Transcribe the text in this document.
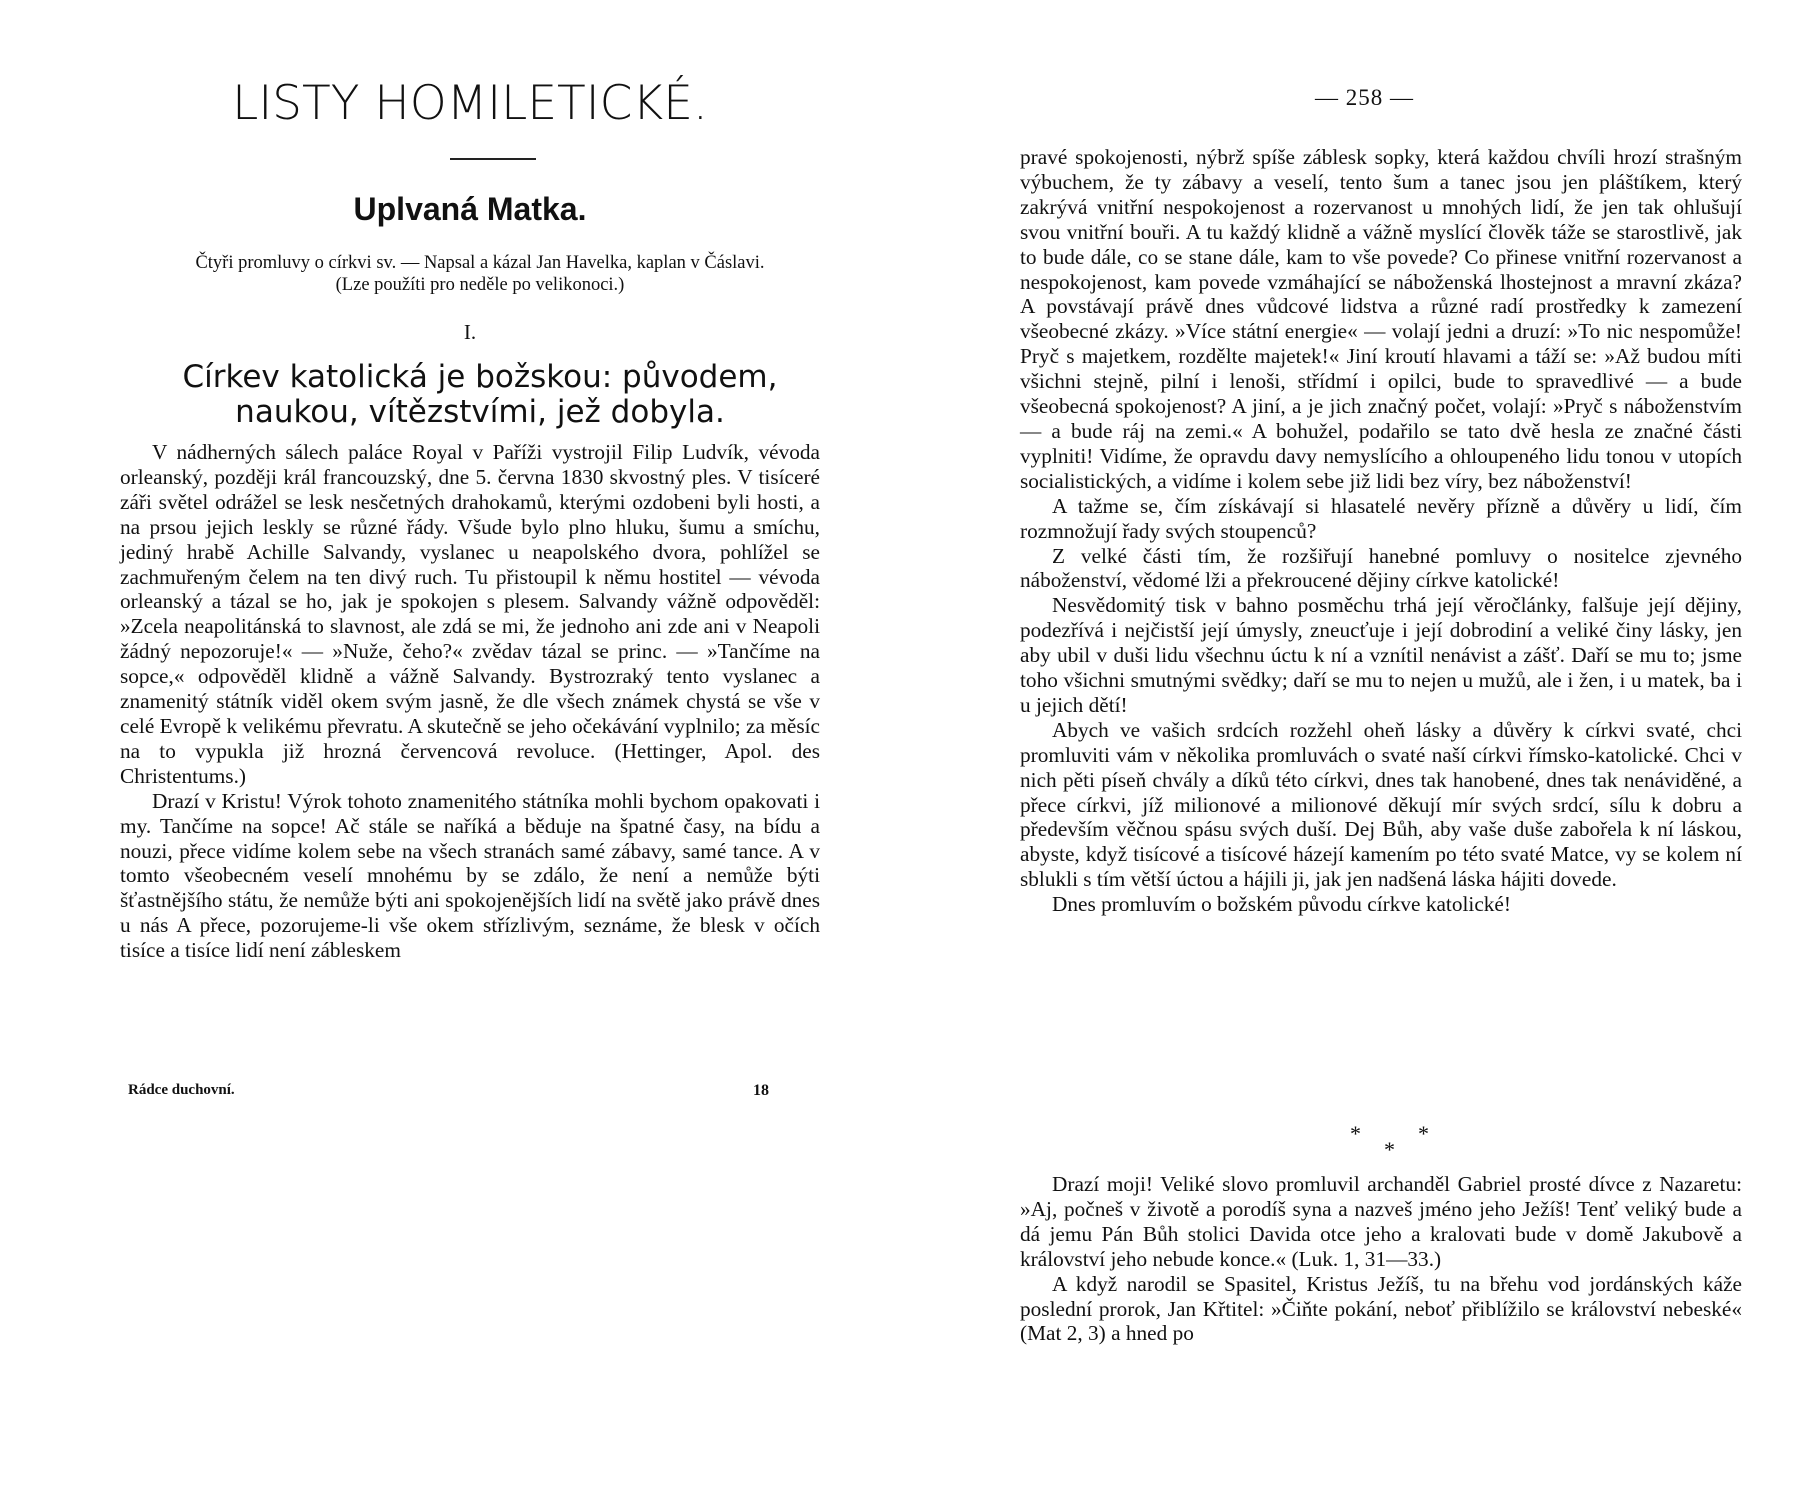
LISTY HOMILETICKÉ.
Uplvaná Matka.

Čtyři promluvy o církvi sv. — Napsal a kázal Jan Havelka, kaplan v Čáslavi.

(Lze použíti pro neděle po velikonoci.)

I.

Církev katolická je božskou: původem,

naukou, vítězstvími, jež dobyla.

V nádherných sálech paláce Royal v Paříži vystrojil Filip Ludvík, vévoda orleanský, později král francouzský, dne 5. června 1830 skvostný ples. V tisíceré záři světel odrážel se lesk nesčetných drahokamů, kterými ozdobeni byli hosti, a na prsou jejich leskly se různé řády. Všude bylo plno hluku, šumu a smíchu, jediný hrabě Achille Salvandy, vyslanec u neapolského dvora, pohlížel se zachmuřeným čelem na ten divý ruch. Tu přistoupil k němu hostitel — vévoda orleanský a tázal se ho, jak je spokojen s plesem. Salvandy vážně odpověděl: »Zcela neapolitánská to slavnost, ale zdá se mi, že jednoho ani zde ani v Neapoli žádný nepozoruje!« — »Nuže, čeho?« zvědav tázal se princ. — »Tančíme na sopce,« odpověděl klidně a vážně Salvandy. Bystrozraký tento vyslanec a znamenitý státník viděl okem svým jasně, že dle všech známek chystá se vše v celé Evropě k velikému převratu. A skutečně se jeho očekávání vyplnilo; za měsíc na to vypukla již hrozná červencová revoluce. (Hettinger, Apol. des Christentums.)

Drazí v Kristu! Výrok tohoto znamenitého státníka mohli bychom opakovati i my. Tančíme na sopce! Ač stále se naříká a běduje na špatné časy, na bídu a nouzi, přece vidíme kolem sebe na všech stranách samé zábavy, samé tance. A v tomto všeobecném veselí mnohému by se zdálo, že není a nemůže býti šťastnějšího státu, že nemůže býti ani spokojenějších lidí na světě jako právě dnes u nás A přece, pozorujeme-li vše okem střízlivým, seznáme, že blesk v očích tisíce a tisíce lidí není zábleskem

Rádce duchovní.	18
— 258 —

pravé spokojenosti, nýbrž spíše záblesk sopky, která každou chvíli hrozí strašným výbuchem, že ty zábavy a veselí, tento šum a tanec jsou jen pláštíkem, který zakrývá vnitřní nespokojenost a rozervanost u mnohých lidí, že jen tak ohlušují svou vnitřní bouři. A tu každý klidně a vážně myslící člověk táže se starostlivě, jak to bude dále, co se stane dále, kam to vše povede? Co přinese vnitřní rozervanost a nespokojenost, kam povede vzmáhající se náboženská lhostejnost a mravní zkáza? A povstávají právě dnes vůdcové lidstva a různé radí prostředky k zamezení všeobecné zkázy. »Více státní energie« — volají jedni a druzí: »To nic nespomůže! Pryč s majetkem, rozdělte majetek!« Jiní kroutí hlavami a táží se: »Až budou míti všichni stejně, pilní i lenoši, střídmí i opilci, bude to spravedlivé — a bude všeobecná spokojenost? A jiní, a je jich značný počet, volají: »Pryč s náboženstvím — a bude ráj na zemi.« A bohužel, podařilo se tato dvě hesla ze značné části vyplniti! Vidíme, že opravdu davy nemyslícího a ohloupeného lidu tonou v utopích socialistických, a vidíme i kolem sebe již lidi bez víry, bez náboženství!

A tažme se, čím získávají si hlasatelé nevěry přízně a důvěry u lidí, čím rozmnožují řady svých stoupenců?

Z velké části tím, že rozšiřují hanebné pomluvy o nositelce zjevného náboženství, vědomé lži a překroucené dějiny církve katolické!

Nesvědomitý tisk v bahno posměchu trhá její věročlánky, falšuje její dějiny, podezřívá i nejčistší její úmysly, zneucťuje i její dobrodiní a veliké činy lásky, jen aby ubil v duši lidu všechnu úctu k ní a vznítil nenávist a zášť. Daří se mu to; jsme toho všichni smutnými svědky; daří se mu to nejen u mužů, ale i žen, i u matek, ba i u jejich dětí!

Abych ve vašich srdcích rozžehl oheň lásky a důvěry k církvi svaté, chci promluviti vám v několika promluvách o svaté naší církvi římsko-katolické. Chci v nich pěti píseň chvály a díků této církvi, dnes tak hanobené, dnes tak nenáviděné, a přece církvi, jíž milionové a milionové děkují mír svých srdcí, sílu k dobru a především věčnou spásu svých duší. Dej Bůh, aby vaše duše zabořela k ní láskou, abyste, když tisícové a tisícové házejí kamením po této svaté Matce, vy se kolem ní sblukli s tím větší úctou a hájili ji, jak jen nadšená láska hájiti dovede.

Dnes promluvím o božském původu církve katolické!

*	*
*

Drazí moji! Veliké slovo promluvil archanděl Gabriel prosté dívce z Nazaretu: »Aj, počneš v životě a porodíš syna a nazveš jméno jeho Ježíš! Tenť veliký bude a dá jemu Pán Bůh stolici Davida otce jeho a kralovati bude v domě Jakubově a království jeho nebude konce.« (Luk. 1, 31—33.)

A když narodil se Spasitel, Kristus Ježíš, tu na břehu vod jordánských káže poslední prorok, Jan Křtitel: »Čiňte pokání, neboť přiblížilo se království nebeské« (Mat 2, 3) a hned po
